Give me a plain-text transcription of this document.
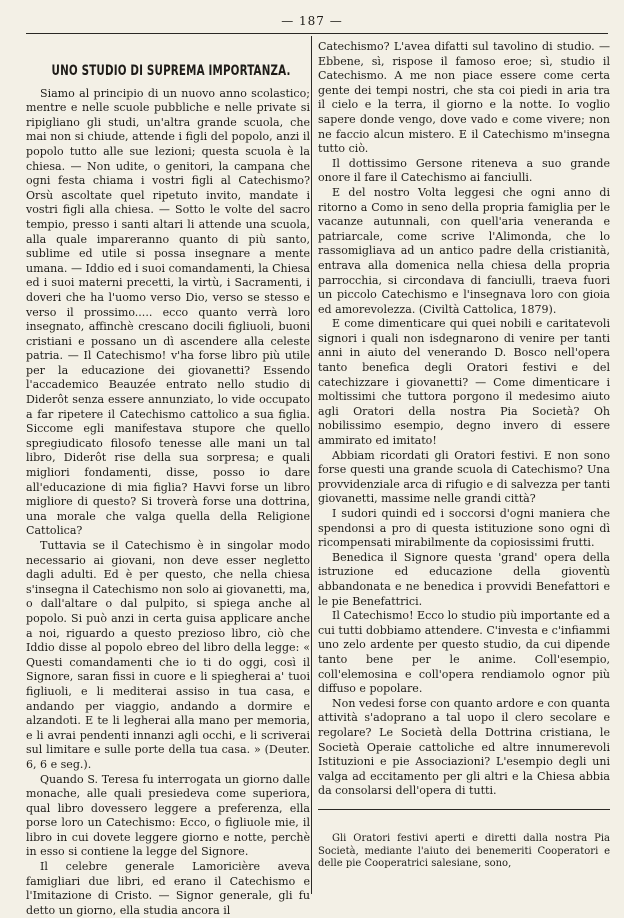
— 187 —
UNO STUDIO DI SUPREMA IMPORTANZA.

Siamo al principio di un nuovo anno scolastico; mentre e nelle scuole pubbliche e nelle private si ripigliano gli studi, un'altra grande scuola, che mai non si chiude, attende i figli del popolo, anzi il popolo tutto alle sue lezioni; questa scuola è la chiesa. — Non udite, o genitori, la campana che ogni festa chiama i vostri figli al Catechismo? Orsù ascoltate quel ripetuto invito, mandate i vostri figli alla chiesa. — Sotto le volte del sacro tempio, presso i santi altari li attende una scuola, alla quale impareranno quanto di più santo, sublime ed utile si possa insegnare a mente umana. — Iddio ed i suoi comandamenti, la Chiesa ed i suoi materni precetti, la virtù, i Sacramenti, i doveri che ha l'uomo verso Dio, verso se stesso e verso il prossimo..... ecco quanto verrà loro insegnato, affinchè crescano docili figliuoli, buoni cristiani e possano un dì ascendere alla celeste patria. — Il Catechismo! v'ha forse libro più utile per la educazione dei giovanetti? Essendo l'accademico Beauzée entrato nello studio di Diderôt senza essere annunziato, lo vide occupato a far ripetere il Catechismo cattolico a sua figlia. Siccome egli manifestava stupore che quello spregiudicato filosofo tenesse alle mani un tal libro, Diderôt rise della sua sorpresa; e quali migliori fondamenti, disse, posso io dare all'educazione di mia figlia? Havvi forse un libro migliore di questo? Si troverà forse una dottrina, una morale che valga quella della Religione Cattolica?

Tuttavia se il Catechismo è in singolar modo necessario ai giovani, non deve esser negletto dagli adulti. Ed è per questo, che nella chiesa s'insegna il Catechismo non solo ai giovanetti, ma, o dall'altare o dal pulpito, si spiega anche al popolo. Si può anzi in certa guisa applicare anche a noi, riguardo a questo prezioso libro, ciò che Iddio disse al popolo ebreo del libro della legge: « Questi comandamenti che io ti do oggi, così il Signore, saran fissi in cuore e li spiegherai a' tuoi figliuoli, e li mediterai assiso in tua casa, e andando per viaggio, andando a dormire e alzandoti. E te li legherai alla mano per memoria, e li avrai pendenti innanzi agli occhi, e li scriverai sul limitare e sulle porte della tua casa. » (Deuter. 6, 6 e seg.).

Quando S. Teresa fu interrogata un giorno dalle monache, alle quali presiedeva come superiora, qual libro dovessero leggere a preferenza, ella porse loro un Catechismo: Ecco, o figliuole mie, il libro in cui dovete leggere giorno e notte, perchè in esso si contiene la legge del Signore.

Il celebre generale Lamoricière aveva famigliari due libri, ed erano il Catechismo e l'Imitazione di Cristo. — Signor generale, gli fu detto un giorno, ella studia ancora il

Catechismo? L'avea difatti sul tavolino di studio. — Ebbene, sì, rispose il famoso eroe; sì, studio il Catechismo. A me non piace essere come certa gente dei tempi nostri, che sta coi piedi in aria tra il cielo e la terra, il giorno e la notte. Io voglio sapere donde vengo, dove vado e come vivere; non ne faccio alcun mistero. E il Catechismo m'insegna tutto ciò.

Il dottissimo Gersone riteneva a suo grande onore il fare il Catechismo ai fanciulli.

E del nostro Volta leggesi che ogni anno di ritorno a Como in seno della propria famiglia per le vacanze autunnali, con quell'aria veneranda e patriarcale, come scrive l'Alimonda, che lo rassomigliava ad un antico padre della cristianità, entrava alla domenica nella chiesa della propria parrocchia, si circondava di fanciulli, traeva fuori un piccolo Catechismo e l'insegnava loro con gioia ed amorevolezza. (Civiltà Cattolica, 1879).

E come dimenticare qui quei nobili e caritatevoli signori i quali non isdegnarono di venire per tanti anni in aiuto del venerando D. Bosco nell'opera tanto benefica degli Oratori festivi e del catechizzare i giovanetti? — Come dimenticare i moltissimi che tuttora porgono il medesimo aiuto agli Oratori della nostra Pia Società? Oh nobilissimo esempio, degno invero di essere ammirato ed imitato!

Abbiam ricordati gli Oratori festivi. E non sono forse questi una grande scuola di Catechismo? Una provvidenziale arca di rifugio e di salvezza per tanti giovanetti, massime nelle grandi città?

I sudori quindi ed i soccorsi d'ogni maniera che spendonsi a pro di questa istituzione sono ogni dì ricompensati mirabilmente da copiosissimi frutti.

Benedica il Signore questa 'grand' opera della istruzione ed educazione della gioventù abbandonata e ne benedica i provvidi Benefattori e le pie Benefattrici.

Il Catechismo! Ecco lo studio più importante ed a cui tutti dobbiamo attendere. C'investa e c'infiammi uno zelo ardente per questo studio, da cui dipende tanto bene per le anime. Coll'esempio, coll'elemosina e coll'opera rendiamolo ognor più diffuso e popolare.

Non vedesi forse con quanto ardore e con quanta attività s'adoprano a tal uopo il clero secolare e regolare? Le Società della Dottrina cristiana, le Società Operaie cattoliche ed altre innumerevoli Istituzioni e pie Associazioni? L'esempio degli uni valga ad eccitamento per gli altri e la Chiesa abbia da consolarsi dell'opera di tutti.

Gli Oratori festivi aperti e diretti dalla nostra Pia Società, mediante l'aiuto dei benemeriti Cooperatori e delle pie Cooperatrici salesiane, sono,
